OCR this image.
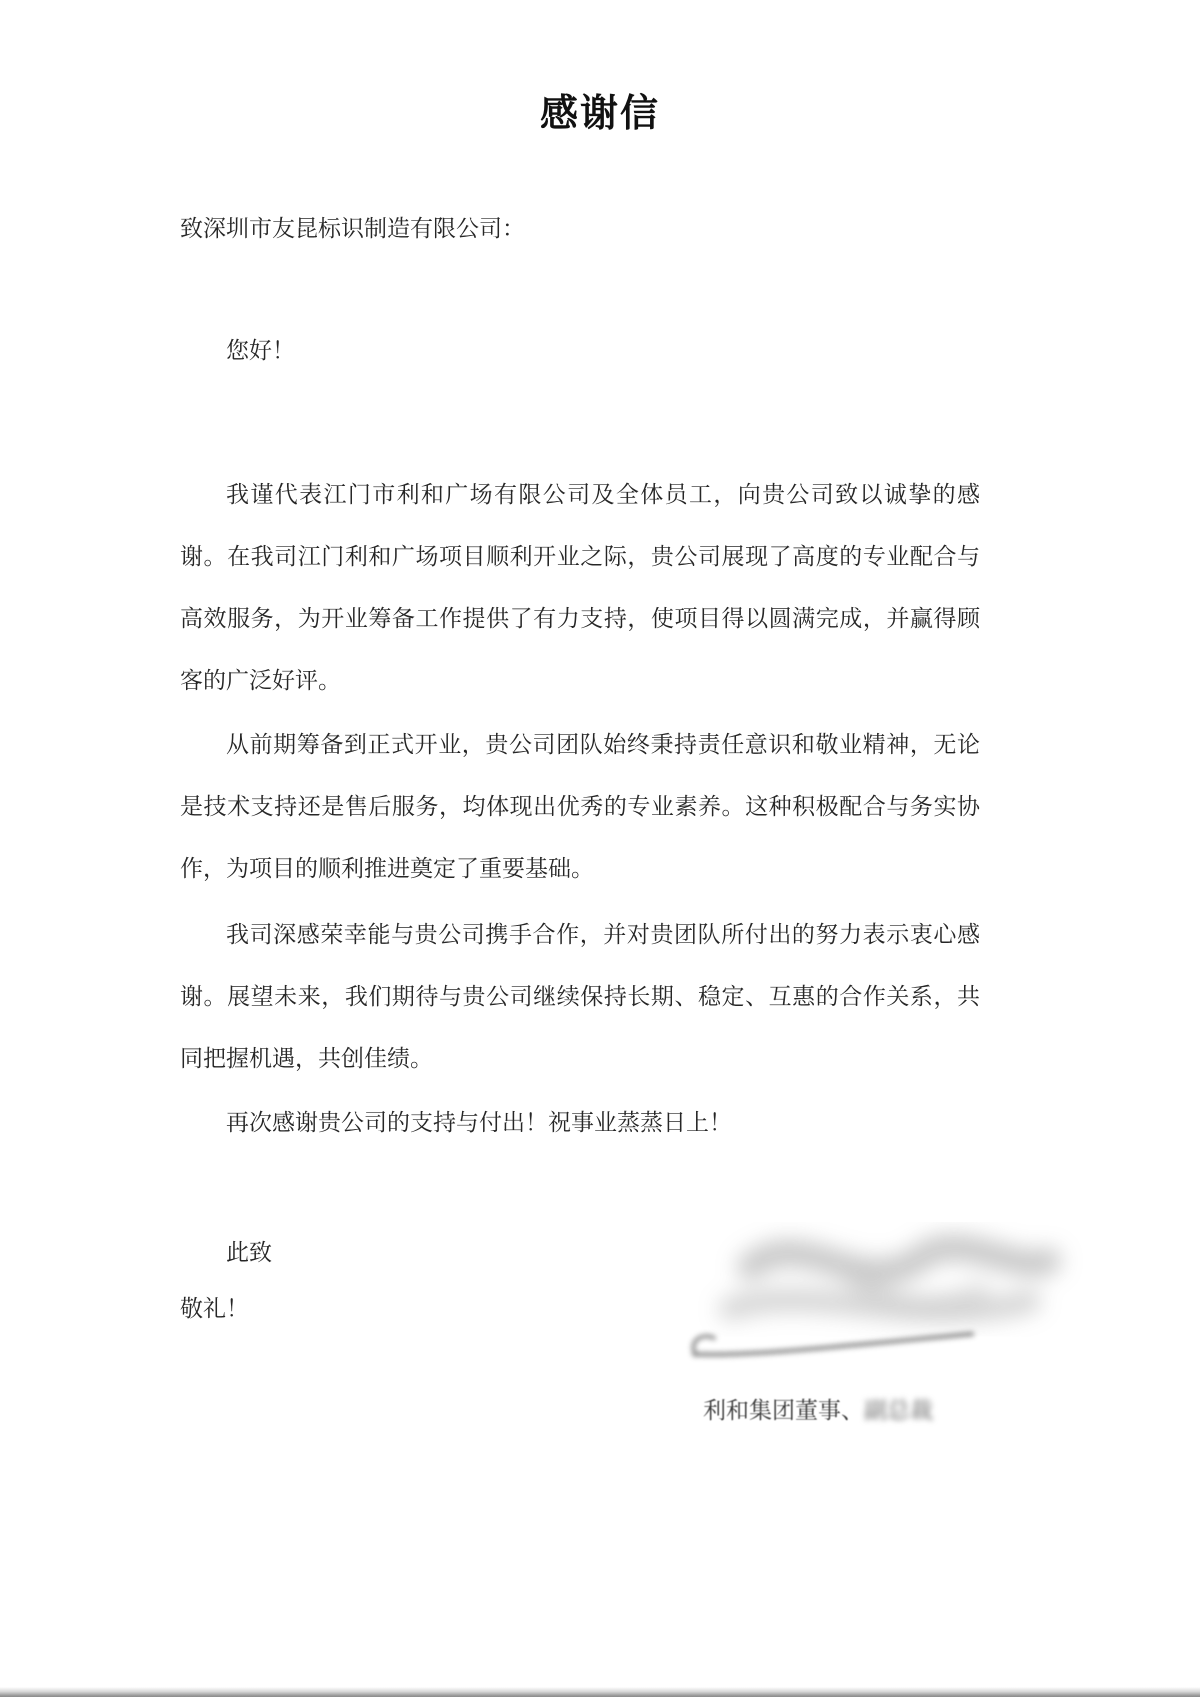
感谢信
致深圳市友昆标识制造有限公司：
您好！
我谨代表江门市利和广场有限公司及全体员工，向贵公司致以诚挚的感
谢。在我司江门利和广场项目顺利开业之际，贵公司展现了高度的专业配合与
高效服务，为开业筹备工作提供了有力支持，使项目得以圆满完成，并赢得顾
客的广泛好评。
从前期筹备到正式开业，贵公司团队始终秉持责任意识和敬业精神，无论
是技术支持还是售后服务，均体现出优秀的专业素养。这种积极配合与务实协
作，为项目的顺利推进奠定了重要基础。
我司深感荣幸能与贵公司携手合作，并对贵团队所付出的努力表示衷心感
谢。展望未来，我们期待与贵公司继续保持长期、稳定、互惠的合作关系，共
同把握机遇，共创佳绩。
再次感谢贵公司的支持与付出！祝事业蒸蒸日上！
此致
敬礼！
利和集团董事、副总裁
